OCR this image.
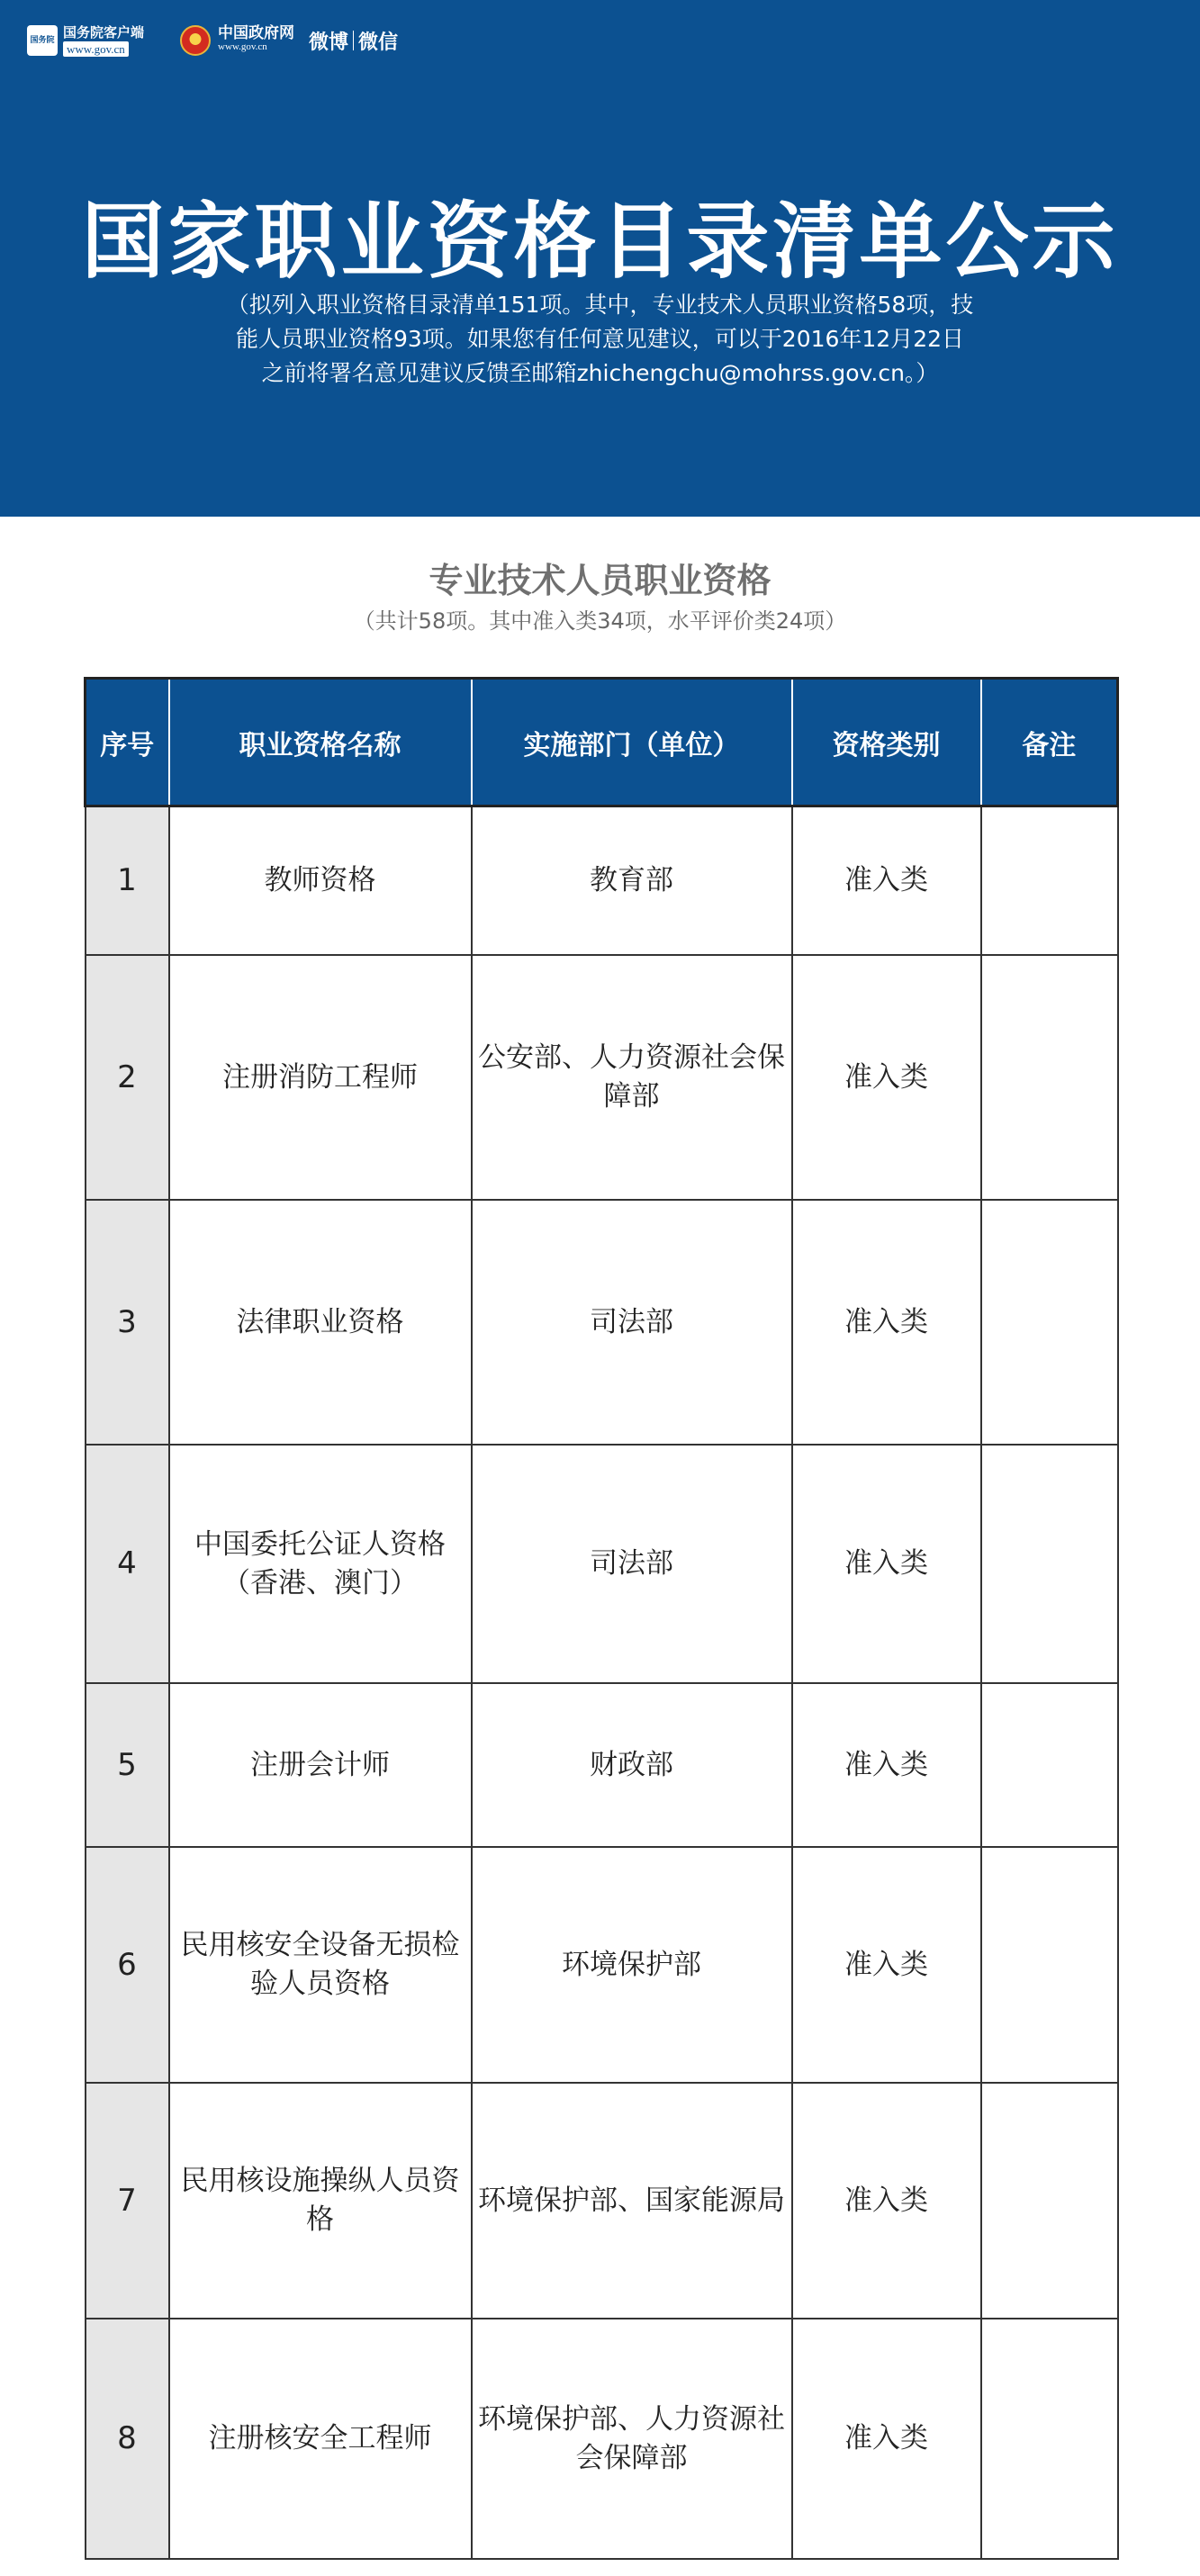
国务院
国务院客户端
www.gov.cn
中国政府网
www.gov.cn	微博 微信
国家职业资格目录清单公示
（拟列入职业资格目录清单151项。其中，专业技术人员职业资格58项，技
能人员职业资格93项。如果您有任何意见建议，可以于2016年12月22日
之前将署名意见建议反馈至邮箱zhichengchu@mohrss.gov.cn。）
专业技术人员职业资格
（共计58项。其中准入类34项，水平评价类24项）
序号	职业资格名称	实施部门（单位）	资格类别	备注
1	教师资格	教育部	准入类	
2	注册消防工程师	公安部、人力资源社会保
障部	准入类	
3	法律职业资格	司法部	准入类	
4	中国委托公证人资格
（香港、澳门）	司法部	准入类	
5	注册会计师	财政部	准入类	
6	民用核安全设备无损检
验人员资格	环境保护部	准入类	
7	民用核设施操纵人员资
格	环境保护部、国家能源局	准入类	
8	注册核安全工程师	环境保护部、人力资源社
会保障部	准入类	
